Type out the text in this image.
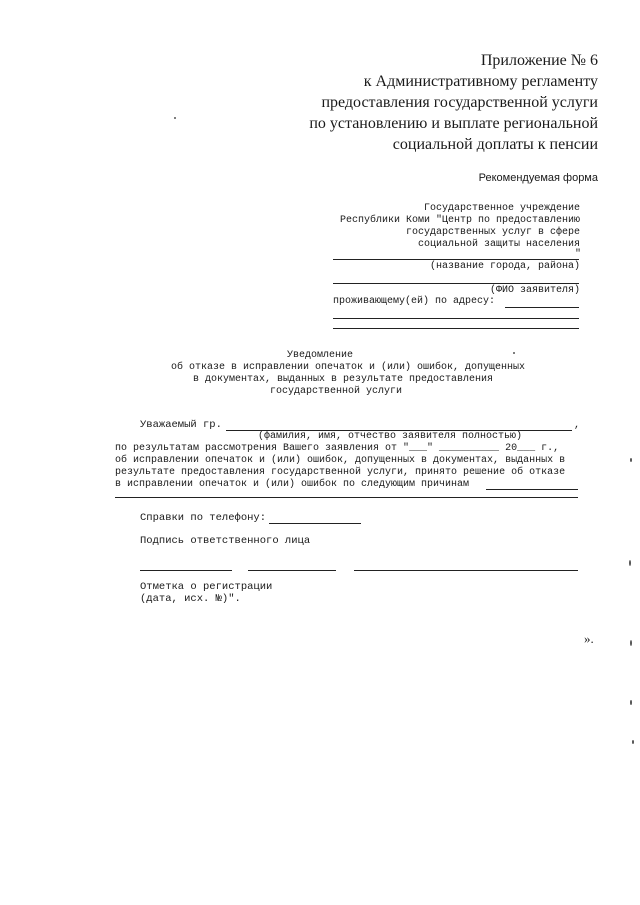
Приложение № 6
к Административному регламенту
предоставления государственной услуги
по установлению и выплате региональной
социальной доплаты к пенсии
Рекомендуемая форма
Государственное учреждение
Республики Коми "Центр по предоставлению
государственных услуг в сфере
социальной защиты населения
"
(название города, района)
(ФИО заявителя)
проживающему(ей) по адресу:
Уведомление
об отказе в исправлении опечаток и (или) ошибок, допущенных
в документах, выданных в результате предоставления
государственной услуги
Уважаемый гр.	,
(фамилия, имя, отчество заявителя полностью)
по результатам рассмотрения Вашего заявления от "___" __________ 20___ г.,
об исправлении опечаток и (или) ошибок, допущенных в документах, выданных в
результате предоставления государственной услуги, принято решение об отказе
в исправлении опечаток и (или) ошибок по следующим причинам
Справки по телефону:
Подпись ответственного лица
Отметка о регистрации
(дата, исх. №)".
».
